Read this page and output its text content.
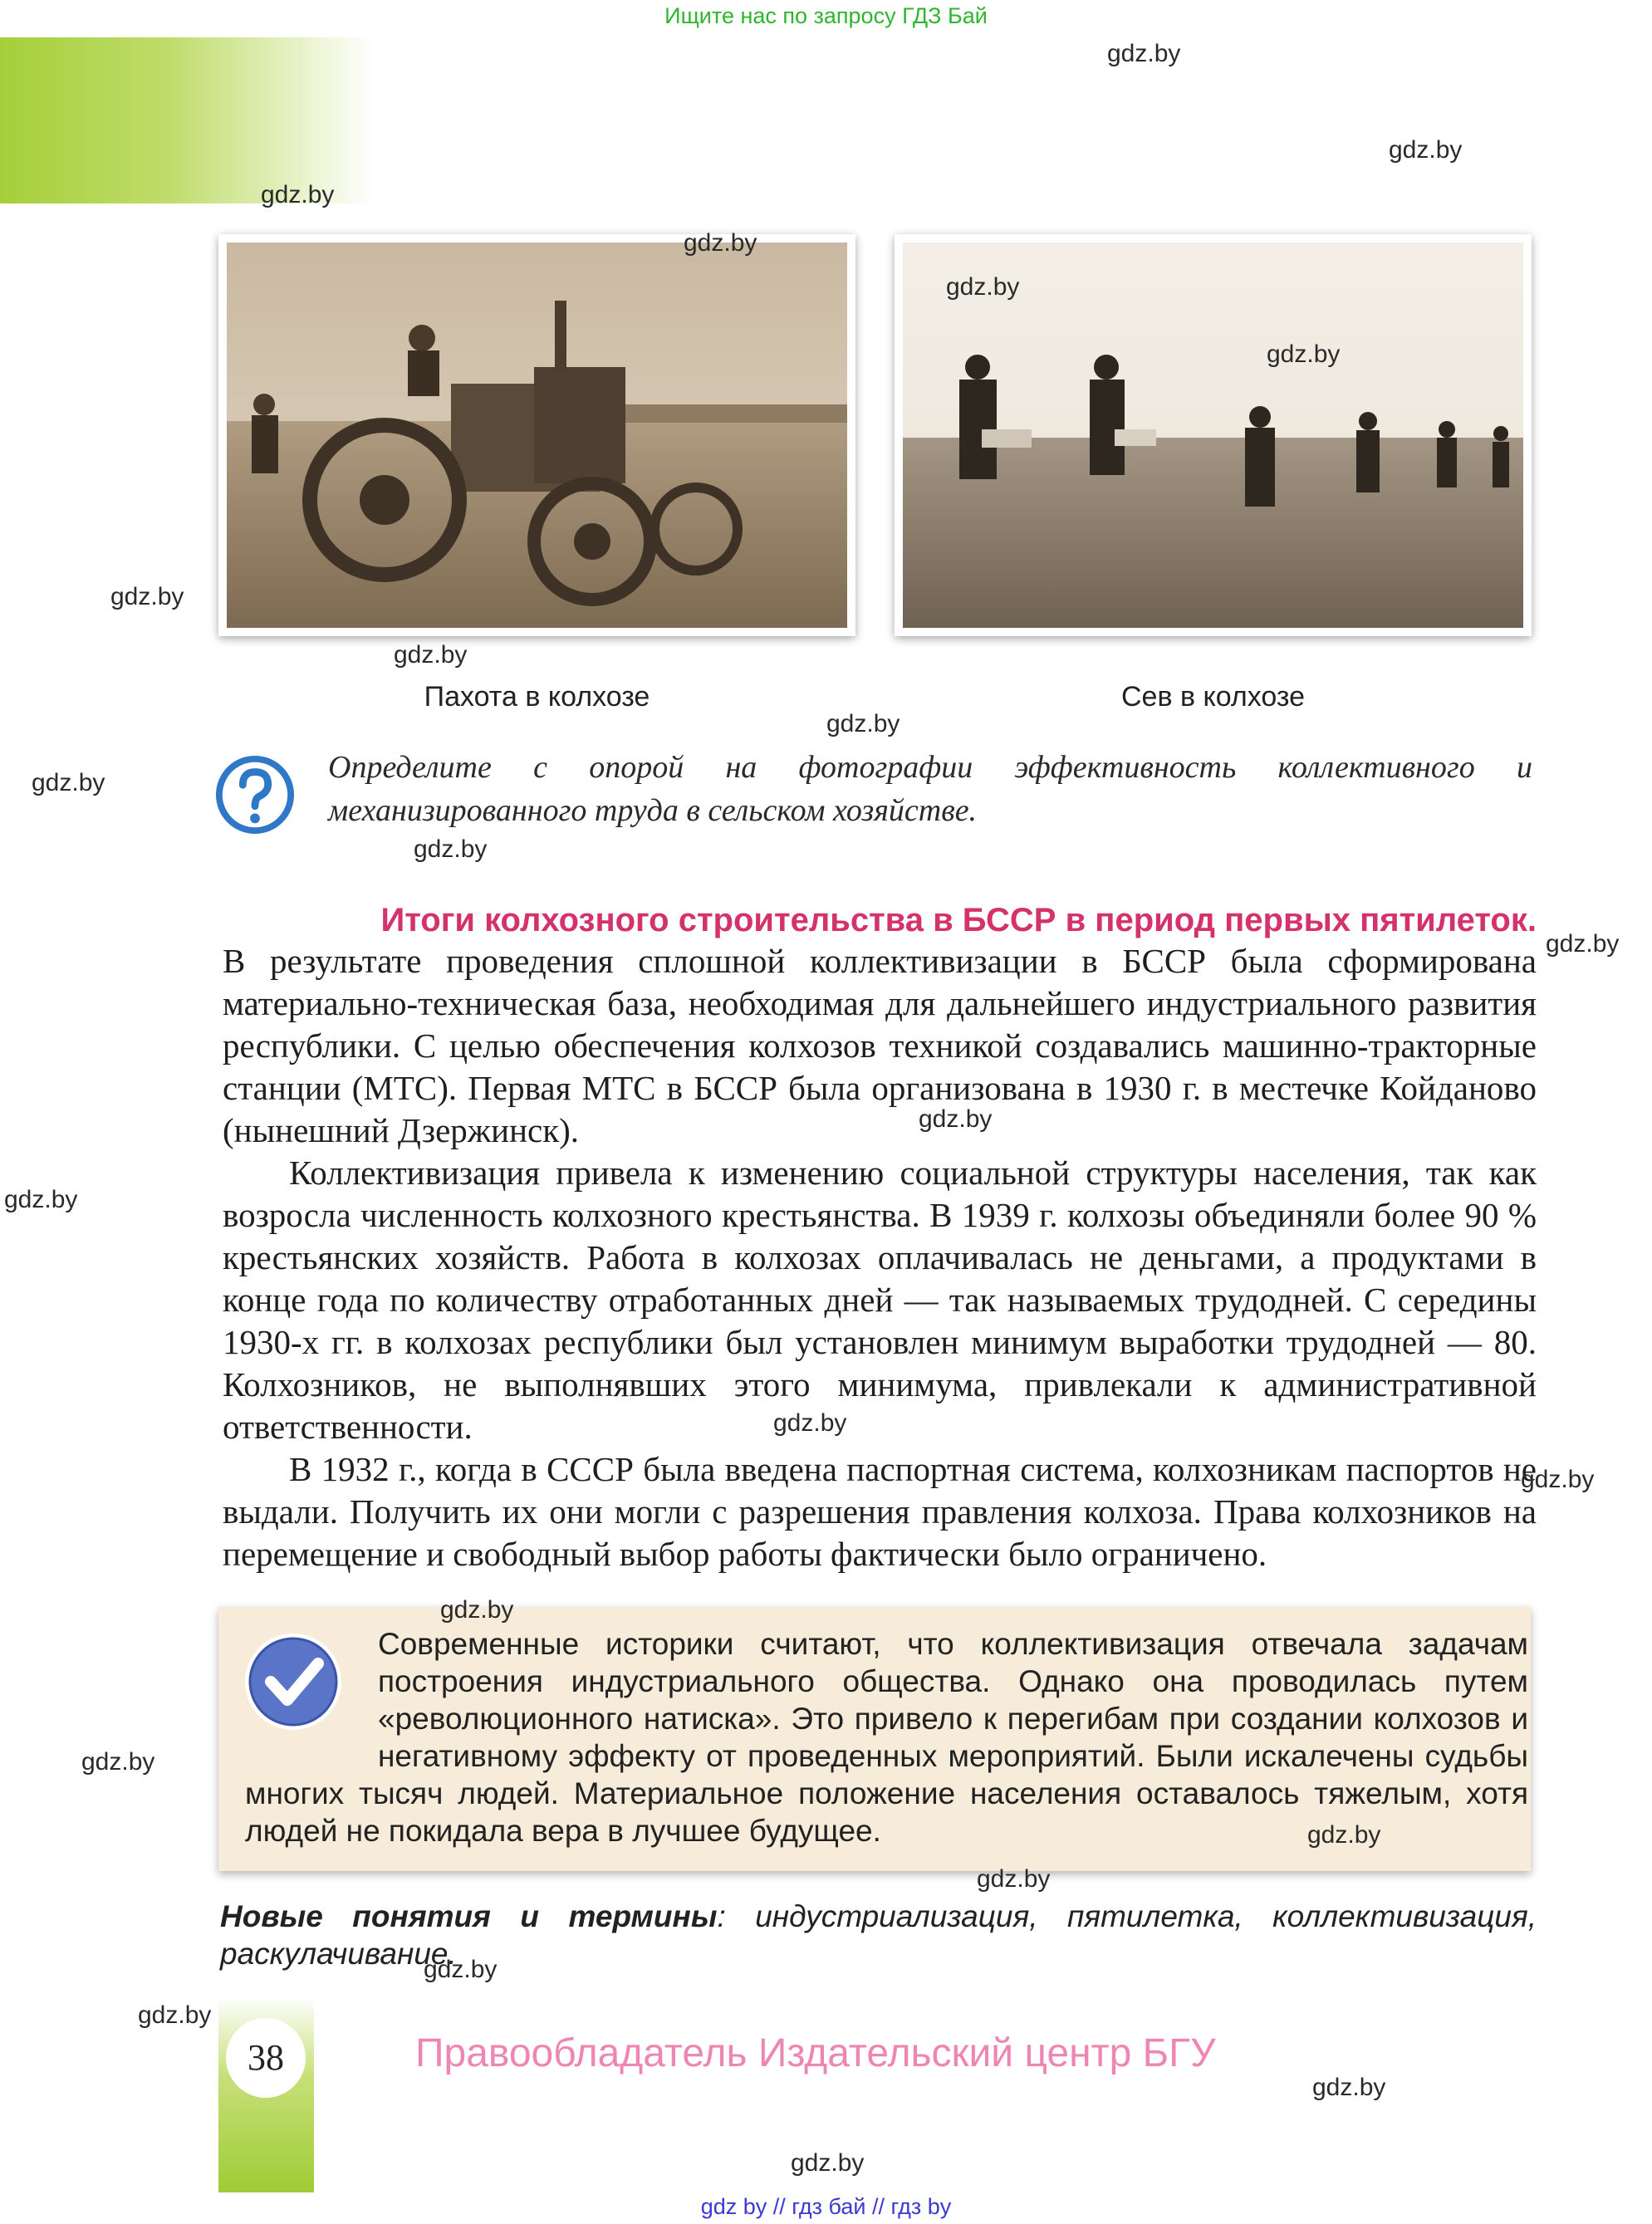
Ищите нас по запросу ГДЗ Бай
Пахота в колхозе	Сев в колхозе
Определите с опорой на фотографии эффективность коллективного и механизированного труда в сельском хозяйстве.
Итоги колхозного строительства в БССР в период первых пятилеток.

В результате проведения сплошной коллективизации в БССР была сформирована материально-техническая база, необходимая для дальнейшего индустриального развития республики. С целью обеспечения колхозов техникой создавались машинно-тракторные станции (МТС). Первая МТС в БССР была организована в 1930 г. в местечке Койданово (нынешний Дзержинск).

Коллективизация привела к изменению социальной структуры населения, так как возросла численность колхозного крестьянства. В 1939 г. колхозы объединяли более 90 % крестьянских хозяйств. Работа в колхозах оплачивалась не деньгами, а продуктами в конце года по количеству отработанных дней — так называемых трудодней. С середины 1930-х гг. в колхозах республики был установлен минимум выработки трудодней — 80. Колхозников, не выполнявших этого минимума, привлекали к административной ответственности.

В 1932 г., когда в СССР была введена паспортная система, колхозникам паспортов не выдали. Получить их они могли с разрешения правления колхоза. Права колхозников на перемещение и свободный выбор работы фактически было ограничено.

Современные историки считают, что коллективизация отвечала задачам построения индустриального общества. Однако она проводилась путем «революционного натиска». Это привело к перегибам при создании колхозов и негативному эффекту от проведенных мероприятий. Были искалечены судьбы многих тысяч людей. Материальное положение населения оставалось тяжелым, хотя людей не покидала вера в лучшее будущее.
Новые понятия и термины: индустриализация, пятилетка, коллективизация, раскулачивание.
38	Правообладатель Издательский центр БГУ
gdz by // гдз бай // гдз by
gdz.by
gdz.by
gdz.by
gdz.by
gdz.by
gdz.by
gdz.by
gdz.by
gdz.by
gdz.by
gdz.by
gdz.by
gdz.by
gdz.by
gdz.by
gdz.by
gdz.by
gdz.by
gdz.by
gdz.by
gdz.by
gdz.by
gdz.by
gdz.by
